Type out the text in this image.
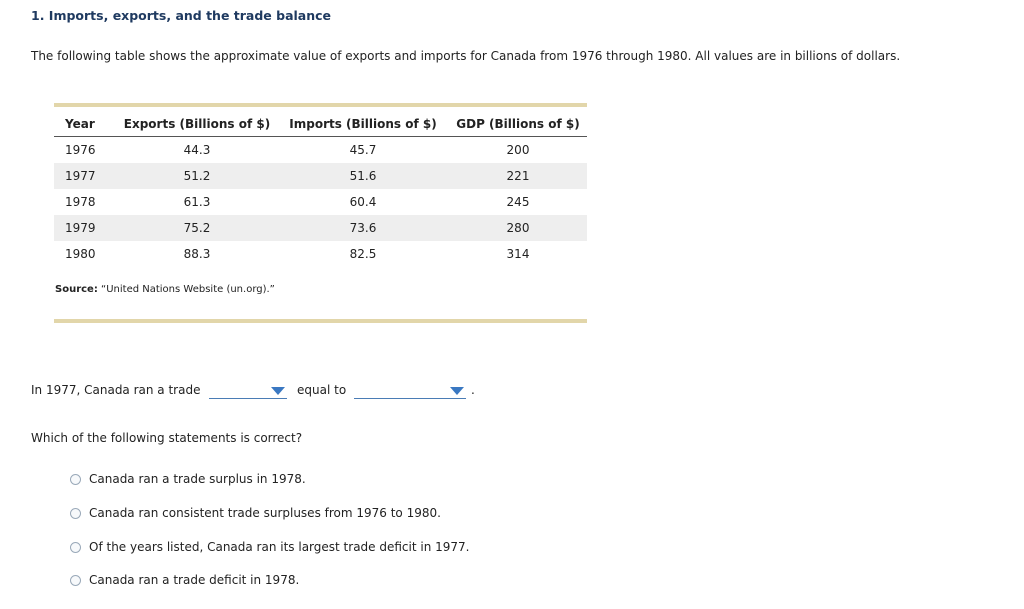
1. Imports, exports, and the trade balance
The following table shows the approximate value of exports and imports for Canada from 1976 through 1980. All values are in billions of dollars.
Year	Exports (Billions of $)	Imports (Billions of $)	GDP (Billions of $)
1976	44.3	45.7	200
1977	51.2	51.6	221
1978	61.3	60.4	245
1979	75.2	73.6	280
1980	88.3	82.5	314
Source: “United Nations Website (un.org).”
In 1977, Canada ran a trade	equal to	.
Which of the following statements is correct?
Canada ran a trade surplus in 1978.
Canada ran consistent trade surpluses from 1976 to 1980.
Of the years listed, Canada ran its largest trade deficit in 1977.
Canada ran a trade deficit in 1978.
